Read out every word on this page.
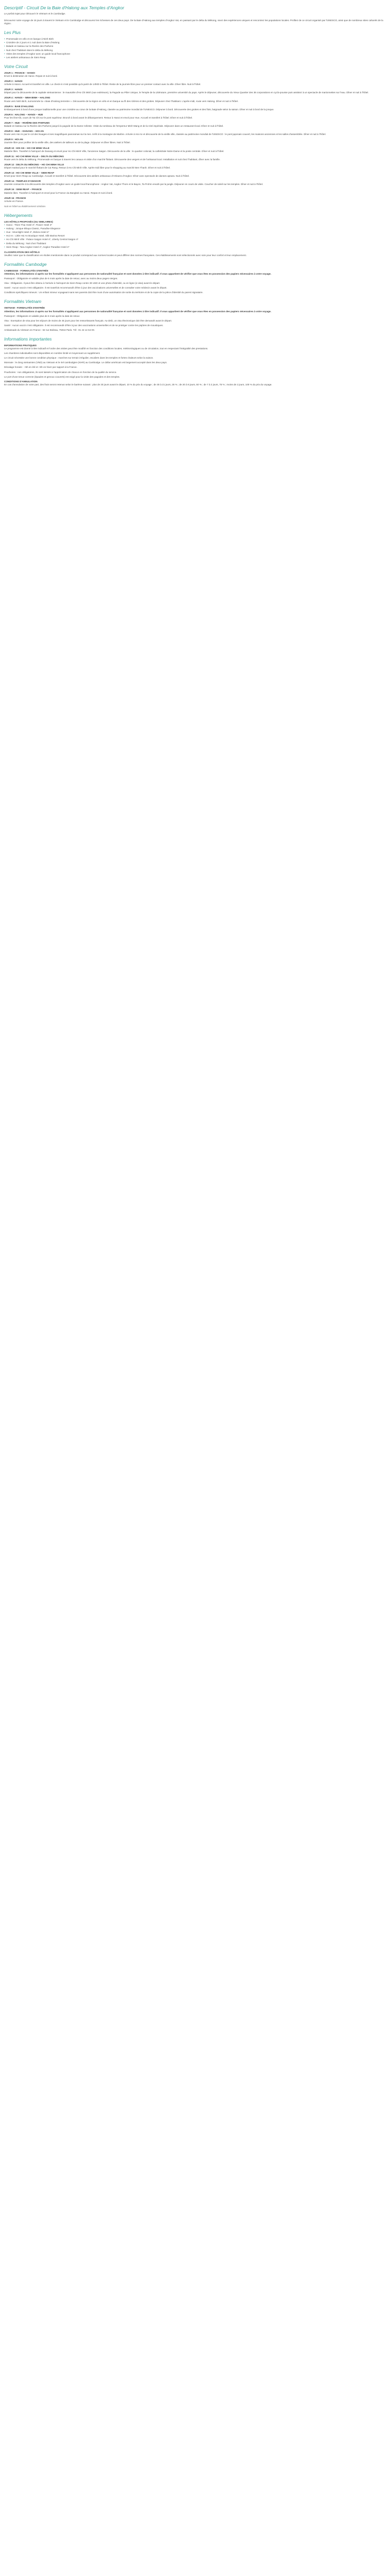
Descriptif - Circuit De la Baie d'Halong aux Temples d'Angkor
Le parfait trajet pour découvrir le Vietnam et le Cambodge.

Découvrez notre voyage de 16 jours à travers le Vietnam et le Cambodge et découvrez les richesses de ces deux pays. De la Baie d'Halong aux temples d'Angkor Vat, en passant par le delta du Mékong, vivez des expériences uniques et rencontrez les populations locales. Profitez de ce circuit organisé par l'UNESCO, ainsi que de nombreux sites culturels de la région.

Les Plus
• Promenade en vélo et en barque à Ninh Binh
• Croisière de 2 jours et 1 nuit dans la Baie d'Halong
• Balade en bateau sur la Rivière des Parfums
• Nuit chez l'habitant dans le delta du Mékong
• Visite des temples d'Angkor avec un guide local francophone
• Les ateliers artisanaux de Siem Reap
Votre Circuit
JOUR 1 : FRANCE – HANOI

Envol à destination de Hanoi. Repas et nuit à bord.

JOUR 2 : HANOI

Arrivée à Hanoi. Accueil et transfert en ville. Le check-in n'est possible qu'à partir de 14h00 à l'hôtel. Reste de la journée libre pour un premier contact avec la ville. Dîner libre. Nuit à l'hôtel.

JOUR 3 : HANOI

Départ pour la découverte de la capitale vietnamienne : le mausolée d'Ho Chi Minh (vue extérieure), la Pagode au Pilier Unique, le Temple de la Littérature, première université du pays. Après le déjeuner, découverte du Vieux Quartier des 36 corporations en cyclo-pousse puis assistez à un spectacle de marionnettes sur l'eau. Dîner et nuit à l'hôtel.

JOUR 4 : HANOI – NINH BINH – HALONG

Route vers Ninh Binh, surnommée la « Baie d'Halong terrestre ». Découverte de la région en vélo et en barque au fil des rizières et des grottes. Déjeuner chez l'habitant. L'après-midi, route vers Halong. Dîner et nuit à l'hôtel.

JOUR 5 : BAIE D'HALONG

Embarquement à bord d'une jonque traditionnelle pour une croisière au cœur de la Baie d'Halong, classée au patrimoine mondial de l'UNESCO. Déjeuner à bord. Découverte des grottes et des îlots, baignade selon la saison. Dîner et nuit à bord de la jonque.

JOUR 6 : HALONG – HANOI – HUE

Pour les lève-tôt, cours de Tai Chi sur le pont supérieur. Brunch à bord avant le débarquement. Retour à Hanoi et envol pour Hue. Accueil et transfert à l'hôtel. Dîner et nuit à l'hôtel.

JOUR 7 : HUE – RIVIÈRE DES PARFUMS

Balade en bateau sur la Rivière des Parfums jusqu'à la pagode de la Dame Céleste. Visite du tombeau de l'empereur Minh Mang et de la Cité impériale. Déjeuner dans un restaurant local. Dîner et nuit à l'hôtel.

JOUR 8 : HUE – DANANG – HOI AN

Route vers Hoi An par le col des Nuages et ses magnifiques panoramas sur la mer. Arrêt à la montagne de Marbre. Arrivée à Hoi An et découverte de la vieille ville, classée au patrimoine mondial de l'UNESCO : le pont japonais couvert, les maisons anciennes et les salles d'assemblée. Dîner et nuit à l'hôtel.

JOUR 9 : HOI AN

Journée libre pour profiter de la vieille ville, des ateliers de tailleurs ou de la plage. Déjeuner et dîner libres. Nuit à l'hôtel.

JOUR 10 : HOI AN – HO CHI MINH VILLE

Matinée libre. Transfert à l'aéroport de Danang et envol pour Ho Chi Minh Ville, l'ancienne Saigon. Découverte de la ville : le quartier colonial, la cathédrale Notre-Dame et la poste centrale. Dîner et nuit à l'hôtel.

JOUR 11 : HO CHI MINH VILLE – DELTA DU MÉKONG

Route vers le delta du Mékong. Promenade en barque à travers les canaux et visite d'un marché flottant. Découverte des vergers et de l'artisanat local. Installation et nuit chez l'habitant, dîner avec la famille.

JOUR 12 : DELTA DU MÉKONG – HO CHI MINH VILLE

Départ matinal pour le marché flottant de Cai Rang. Retour à Ho Chi Minh Ville. Après-midi libre pour le shopping au marché Ben Thanh. Dîner et nuit à l'hôtel.

JOUR 13 : HO CHI MINH VILLE – SIEM REAP

Envol pour Siem Reap au Cambodge. Accueil et transfert à l'hôtel. Découverte des ateliers artisanaux d'Artisans d'Angkor. Dîner avec spectacle de danses apsara. Nuit à l'hôtel.

JOUR 14 : TEMPLES D'ANGKOR

Journée consacrée à la découverte des temples d'Angkor avec un guide local francophone : Angkor Vat, Angkor Thom et le Bayon, Ta Prohm envahi par la jungle. Déjeuner en cours de visite. Coucher de soleil sur les temples. Dîner et nuit à l'hôtel.

JOUR 15 : SIEM REAP – FRANCE

Matinée libre. Transfert à l'aéroport et envol pour la France via Bangkok ou Hanoi. Repas et nuit à bord.

JOUR 16 : FRANCE

Arrivée en France.

Nuit en hôtel ou établissement similaire.
Hébergements
LES HÔTELS PROPOSÉS (OU SIMILAIRES)
• Hanoi : Thien Thai Hotel 3*, Flower Hotel 3*
• Halong : Jonque Bhaya Classic, Paradise Elegance
• Hue : Moonlight Hotel 4*, Eldora Hotel 4*
• Hoi An : Little Hoi An Boutique Hotel, Silk Marina Resort
• Ho Chi Minh Ville : Palace Saigon Hotel 4*, Liberty Central Saigon 4*
• Delta du Mékong : Nuit chez l'habitant
• Siem Reap : Tara Angkor Hotel 4*, Angkor Paradise Hotel 4*
CLASSIFICATION DES HÔTELS

Veuillez noter que la classification en étoiles mentionnée dans ce produit correspond aux normes locales et peut différer des normes françaises. Ces établissements sont sélectionnés avec soin pour leur confort et leur emplacement.

Formalités Cambodge
CAMBODGE - FORMALITÉS D'ENTRÉE

Attention, les informations ci-après sur les formalités s'appliquent aux personnes de nationalité française et sont données à titre indicatif. Il vous appartient de vérifier que vous êtes en possession des papiers nécessaires à votre voyage.

Passeport : Obligatoire et valable plus de 6 mois après la date de retour, avec au moins deux pages vierges.

Visa : Obligatoire. Il peut être obtenu à l'arrivée à l'aéroport de Siem Reap contre 30 USD et une photo d'identité, ou en ligne (e-visa) avant le départ.

Santé : Aucun vaccin n'est obligatoire. Il est toutefois recommandé d'être à jour des vaccinations universelles et de consulter votre médecin avant le départ.

Conditions spécifiques mineurs : Un enfant mineur voyageant sans ses parents doit être muni d'une autorisation de sortie du territoire et de la copie de la pièce d'identité du parent signataire.

Formalités Vietnam
VIETNAM - FORMALITÉS D'ENTRÉE

Attention, les informations ci-après sur les formalités s'appliquent aux personnes de nationalité française et sont données à titre indicatif. Il vous appartient de vérifier que vous êtes en possession des papiers nécessaires à votre voyage.

Passeport : Obligatoire et valable plus de 6 mois après la date de retour.

Visa : Exemption de visa pour les séjours de moins de 45 jours pour les ressortissants français. Au-delà, un visa électronique doit être demandé avant le départ.

Santé : Aucun vaccin n'est obligatoire. Il est recommandé d'être à jour des vaccinations universelles et de se protéger contre les piqûres de moustiques.

Ambassade du Vietnam en France : 62 rue Boileau, 75016 Paris. Tél : 01 44 14 64 00.

Informations importantes
INFORMATIONS PRATIQUES

Le programme est donné à titre indicatif et l'ordre des visites peut être modifié en fonction des conditions locales, météorologiques ou de circulation, tout en respectant l'intégralité des prestations.

Les chambres individuelles sont disponibles en nombre limité et moyennant un supplément.

Le circuit nécessite une bonne condition physique : marches sur terrain irrégulier, escaliers dans les temples et fortes chaleurs selon la saison.

Monnaie : le dong vietnamien (VND) au Vietnam et le riel cambodgien (KHR) au Cambodge. Le dollar américain est largement accepté dans les deux pays.

Décalage horaire : +5h en été et +6h en hiver par rapport à la France.

Pourboires : non obligatoires, ils sont laissés à l'appréciation de chacun en fonction de la qualité du service.

Le port d'une tenue correcte (épaules et genoux couverts) est exigé pour la visite des pagodes et des temples.

CONDITIONS D'ANNULATION

En cas d'annulation de votre part, des frais seront retenus selon le barème suivant : plus de 30 jours avant le départ, 10 % du prix du voyage ; de 30 à 21 jours, 25 % ; de 20 à 8 jours, 50 % ; de 7 à 2 jours, 75 % ; moins de 2 jours, 100 % du prix du voyage.
